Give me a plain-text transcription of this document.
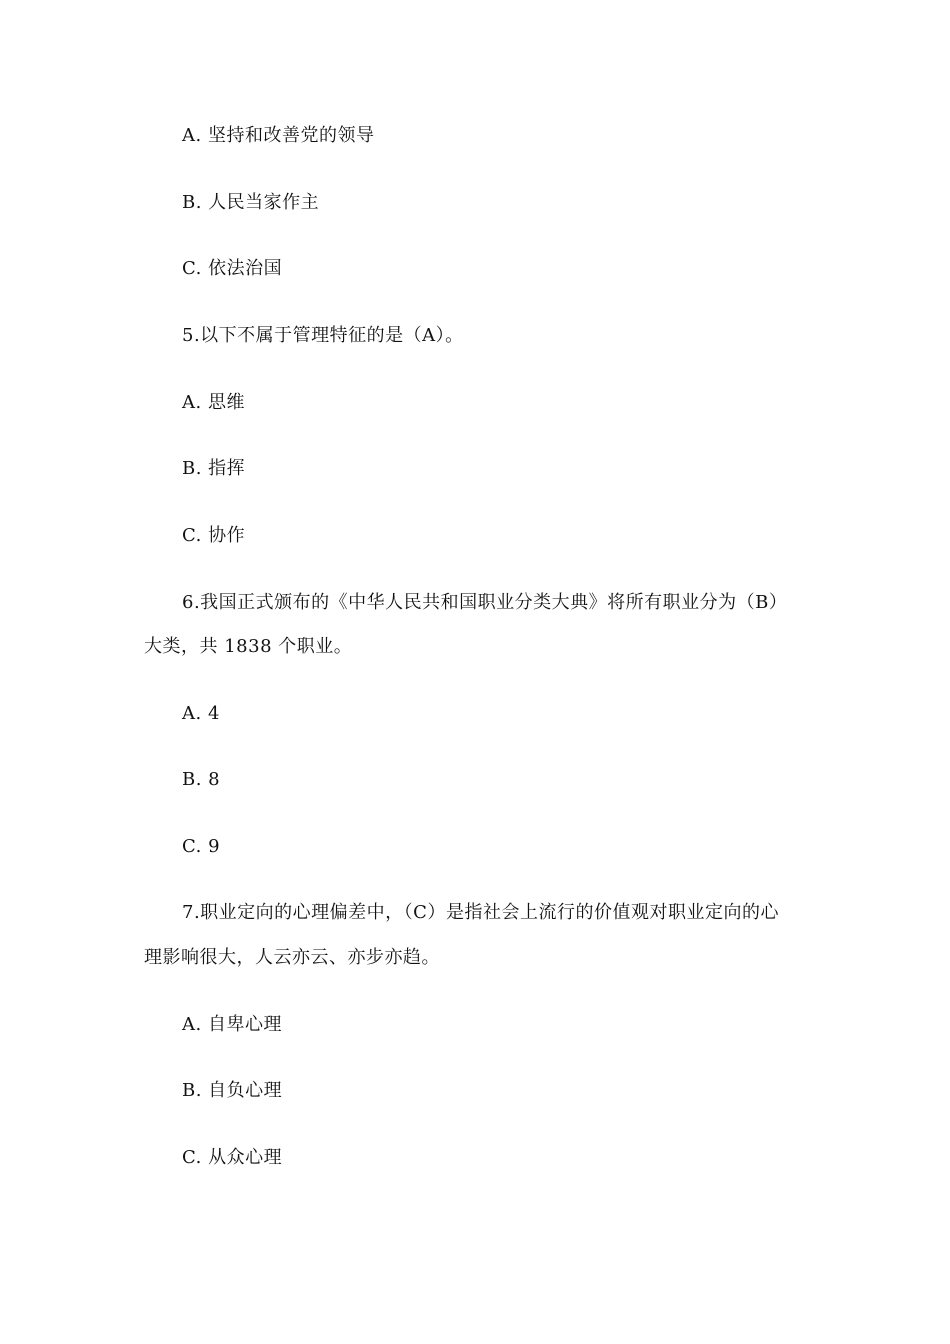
A. 坚持和改善党的领导
B. 人民当家作主
C. 依法治国
5.以下不属于管理特征的是（A）。
A. 思维
B. 指挥
C. 协作
6.我国正式颁布的《中华人民共和国职业分类大典》将所有职业分为（B）
大类，共 1838 个职业。
A. 4
B. 8
C. 9
7.职业定向的心理偏差中，（C）是指社会上流行的价值观对职业定向的心
理影响很大，人云亦云、亦步亦趋。
A. 自卑心理
B. 自负心理
C. 从众心理
